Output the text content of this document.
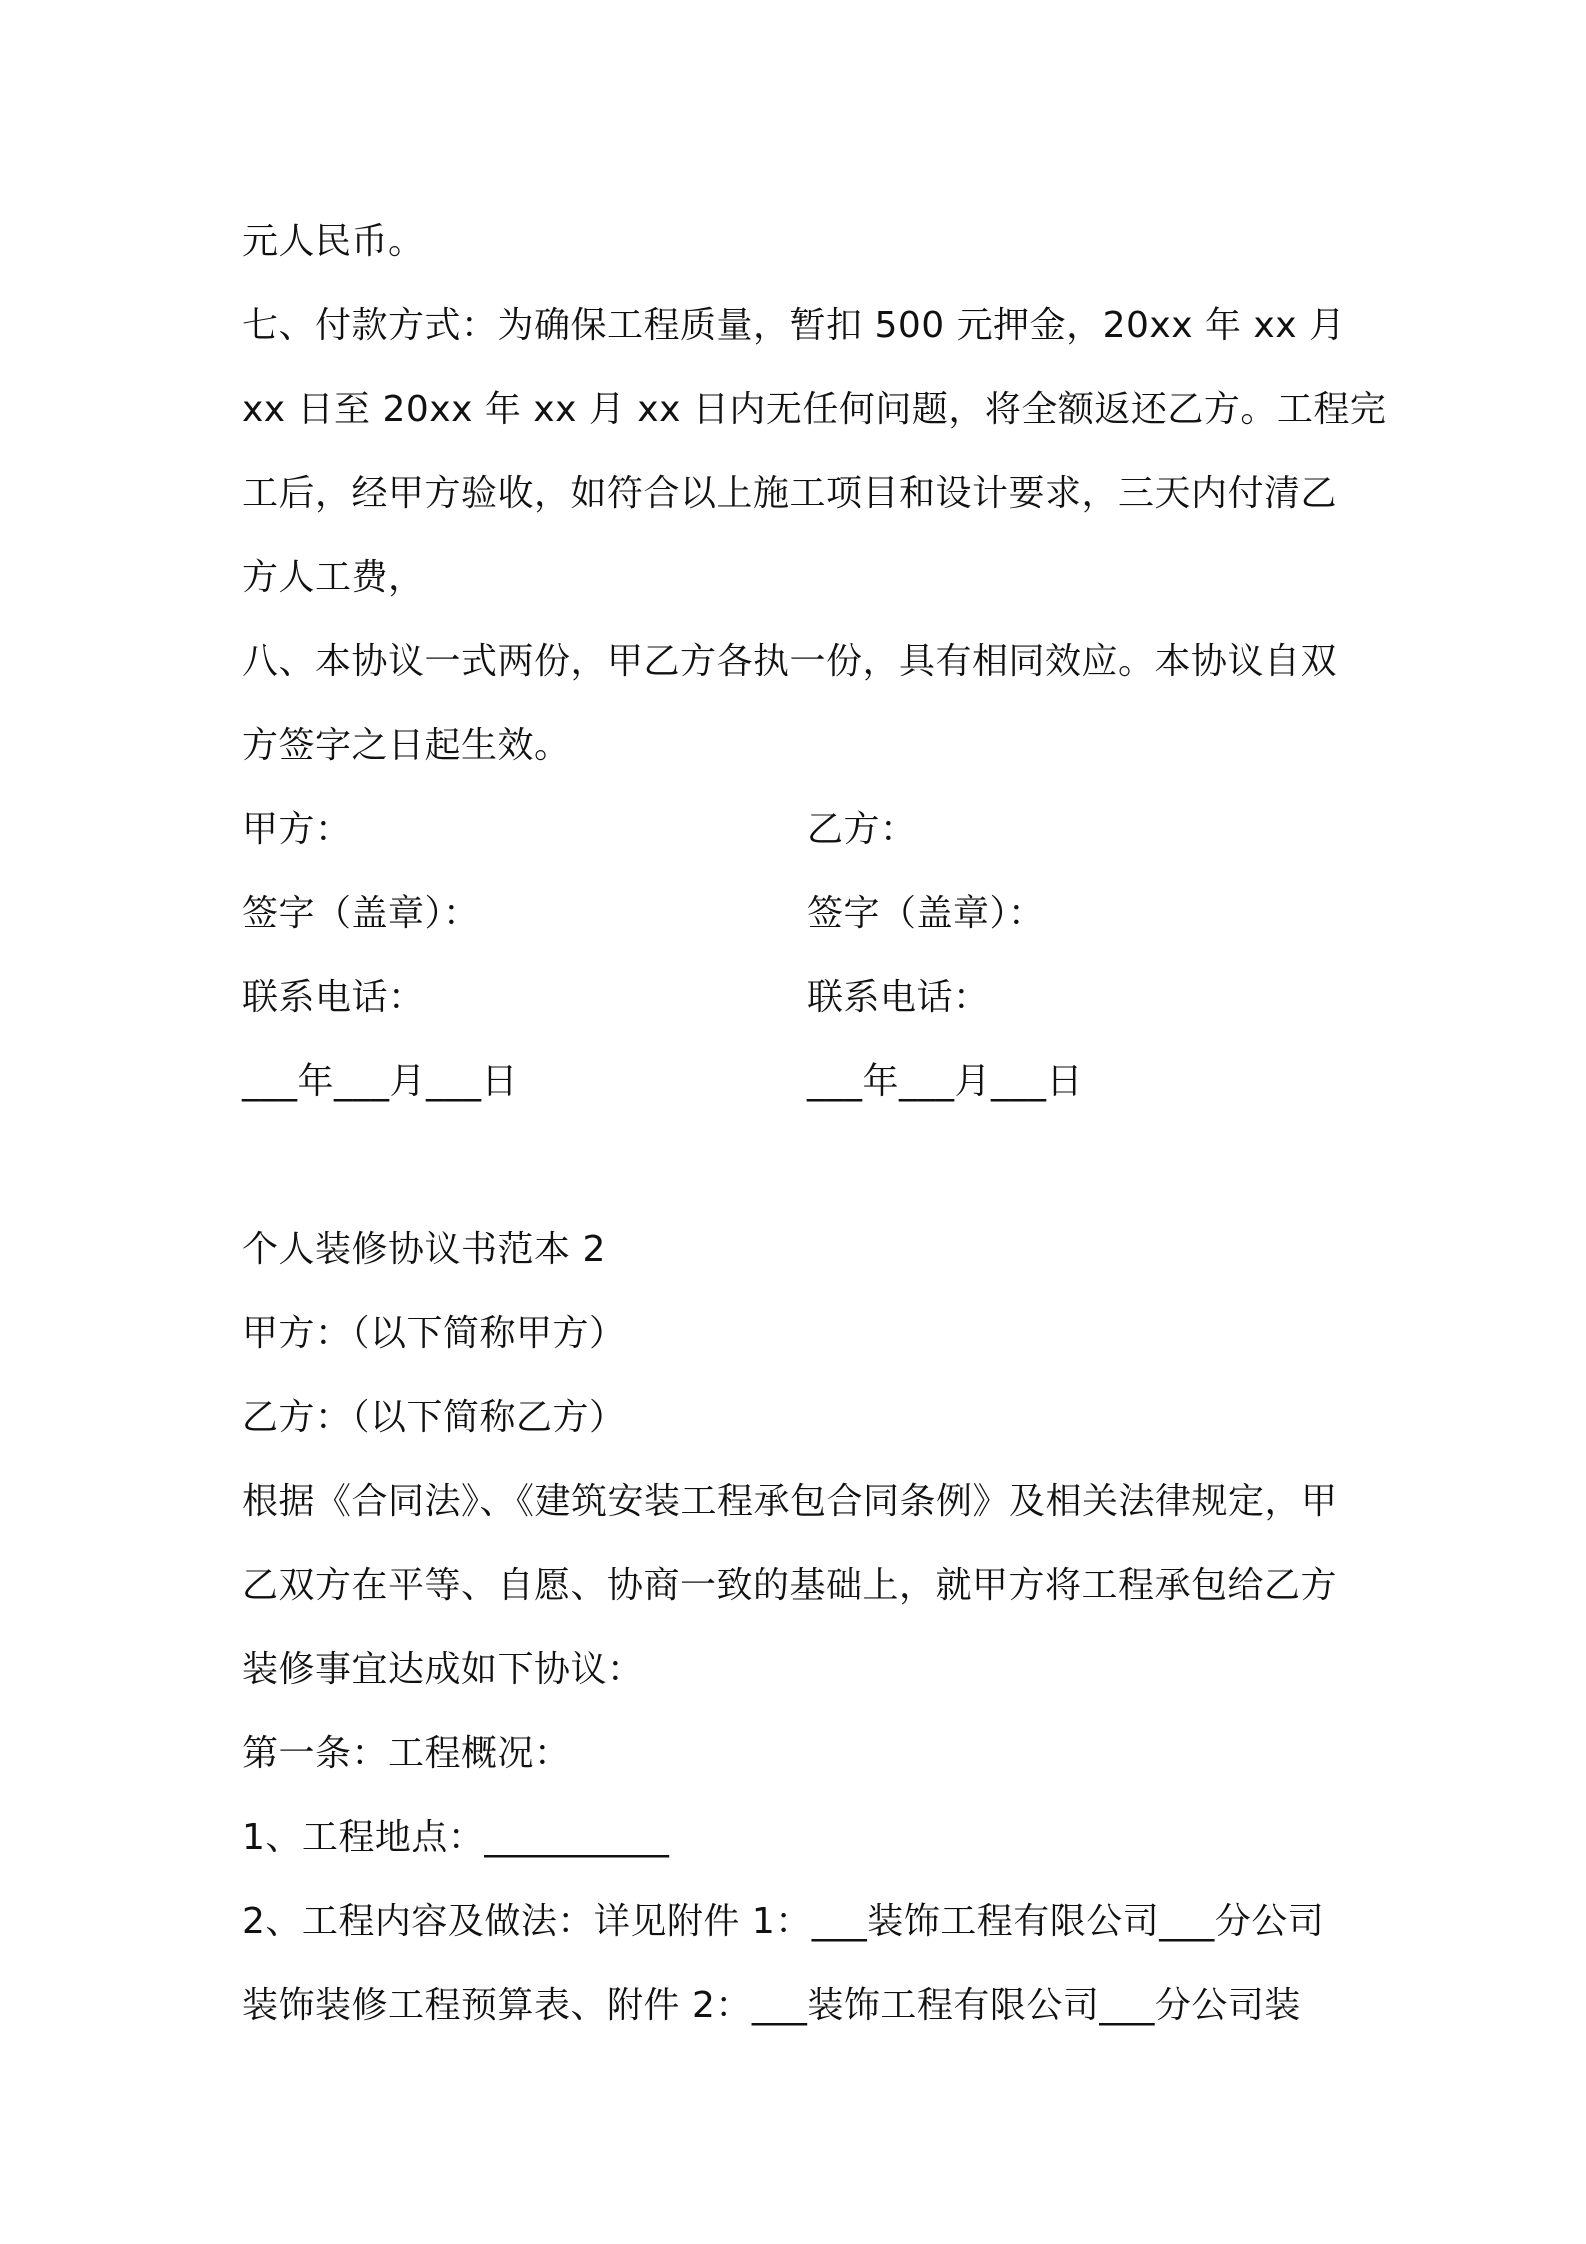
元人民币。
七、付款方式：为确保工程质量，暂扣 500 元押金，20xx 年 xx 月
xx 日至 20xx 年 xx 月 xx 日内无任何问题，将全额返还乙方。工程完
工后，经甲方验收，如符合以上施工项目和设计要求，三天内付清乙
方人工费，
八、本协议一式两份，甲乙方各执一份，具有相同效应。本协议自双
方签字之日起生效。
甲方：	乙方：
签字（盖章）：	签字（盖章）：
联系电话：	联系电话：
___年___月___日	___年___月___日
个人装修协议书范本 2
甲方：（以下简称甲方）
乙方：（以下简称乙方）
根据《合同法》、《建筑安装工程承包合同条例》及相关法律规定，甲
乙双方在平等、自愿、协商一致的基础上，就甲方将工程承包给乙方
装修事宜达成如下协议：
第一条：工程概况：
1、工程地点：__________
2、工程内容及做法：详见附件 1：___装饰工程有限公司___分公司
装饰装修工程预算表、附件 2：___装饰工程有限公司___分公司装
